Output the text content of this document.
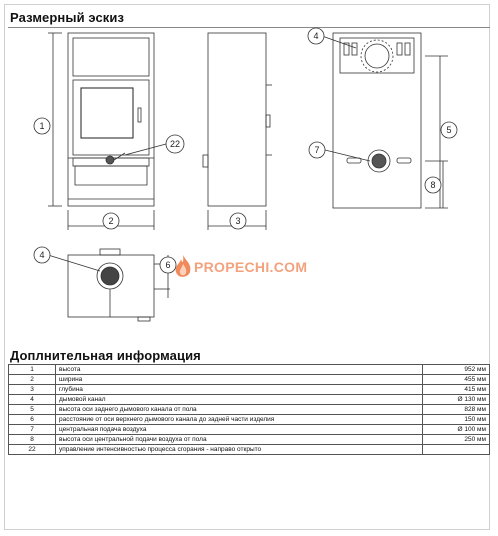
Размерный эскиз
1
2	3
4
5
7
8
4
6
22
PROPECHI.COM
Доплнительная информация
1	высота	952 мм
2	ширина	455 мм
3	глубина	415 мм
4	дымовой канал	Ø 130 мм
5	высота оси заднего дымового канала от пола	828 мм
6	расстояние от оси верхнего дымового канала до задней части изделия	150 мм
7	центральная подача воздуха	Ø 100 мм
8	высота оси центральной подачи воздуха от пола	250 мм
22	управление интенсивностью процесса сгорания - направо открыто	
